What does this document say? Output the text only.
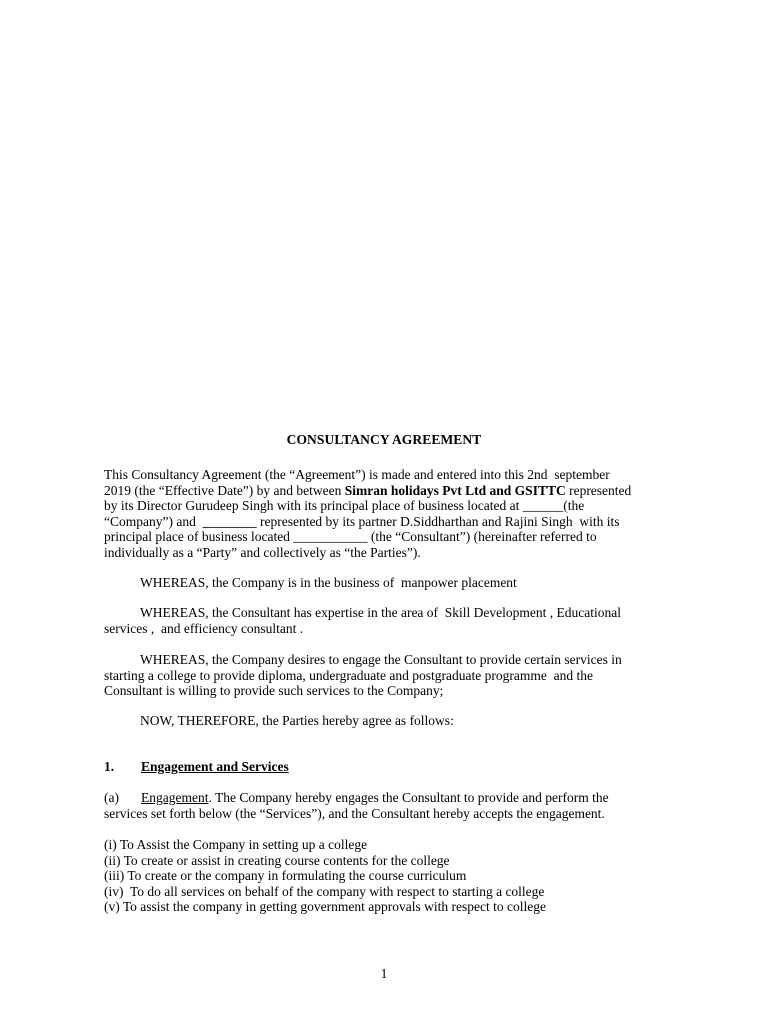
CONSULTANCY AGREEMENT
This Consultancy Agreement (the “Agreement”) is made and entered into this 2nd  september
2019 (the “Effective Date”) by and between Simran holidays Pvt Ltd and GSITTC represented
by its Director Gurudeep Singh with its principal place of business located at ______(the
“Company”) and  ________ represented by its partner D.Siddharthan and Rajini Singh  with its
principal place of business located ___________ (the “Consultant”) (hereinafter referred to
individually as a “Party” and collectively as “the Parties”).
WHEREAS, the Company is in the business of  manpower placement
WHEREAS, the Consultant has expertise in the area of  Skill Development , Educational
services ,  and efficiency consultant .
WHEREAS, the Company desires to engage the Consultant to provide certain services in
starting a college to provide diploma, undergraduate and postgraduate programme  and the
Consultant is willing to provide such services to the Company;
NOW, THEREFORE, the Parties hereby agree as follows:
1. Engagement and Services
(a) Engagement. The Company hereby engages the Consultant to provide and perform the
services set forth below (the “Services”), and the Consultant hereby accepts the engagement.
(i) To Assist the Company in setting up a college
(ii) To create or assist in creating course contents for the college
(iii) To create or the company in formulating the course curriculum
(iv)  To do all services on behalf of the company with respect to starting a college
(v) To assist the company in getting government approvals with respect to college
1
